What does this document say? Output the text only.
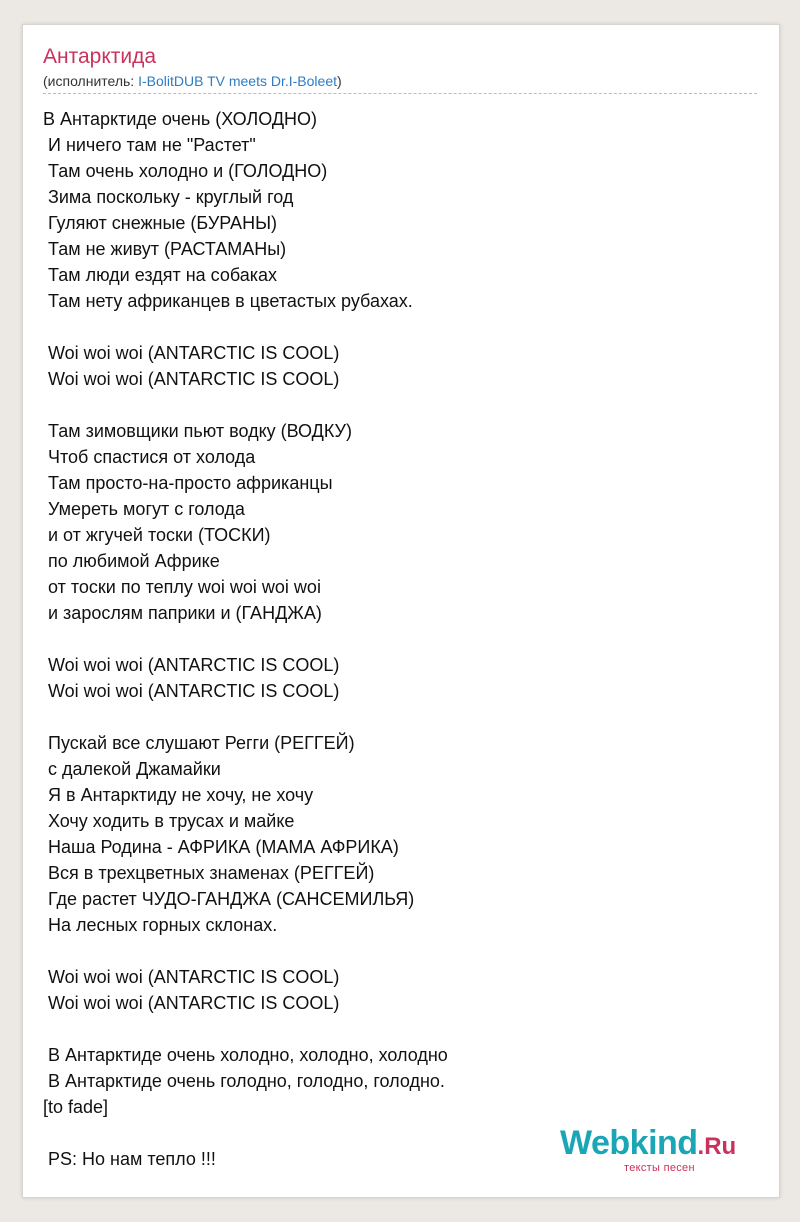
Антарктида
(исполнитель: I-BolitDUB TV meets Dr.I-Boleet)
В Антарктиде очень (ХОЛОДНО)
И ничего там не "Растет"
Там очень холодно и (ГОЛОДНО)
Зима поскольку - круглый год
Гуляют снежные (БУРАНЫ)
Там не живут (РАСТАМАНы)
Там люди ездят на собаках
Там нету африканцев в цветастых рубахах.

Woi woi woi (ANTARCTIC IS COOL)
Woi woi woi (ANTARCTIC IS COOL)

Там зимовщики пьют водку (ВОДКУ)
Чтоб спастися от холода
Там просто-на-просто африканцы
Умереть могут с голода
и от жгучей тоски (ТОСКИ)
по любимой Африке
от тоски по теплу woi woi woi woi
и зарослям паприки и (ГАНДЖА)

Woi woi woi (ANTARCTIC IS COOL)
Woi woi woi (ANTARCTIC IS COOL)

Пускай все слушают Регги (РЕГГЕЙ)
с далекой Джамайки
Я в Антарктиду не хочу, не хочу
Хочу ходить в трусах и майке
Наша Родина - АФРИКА (МАМА АФРИКА)
Вся в трехцветных знаменах (РЕГГЕЙ)
Где растет ЧУДО-ГАНДЖА (САНСЕМИЛЬЯ)
На лесных горных склонах.

Woi woi woi (ANTARCTIC IS COOL)
Woi woi woi (ANTARCTIC IS COOL)

В Антарктиде очень холодно, холодно, холодно
В Антарктиде очень голодно, голодно, голодно.
[to fade]

PS: Но нам тепло !!!	Webkind.Ru
тексты песен
